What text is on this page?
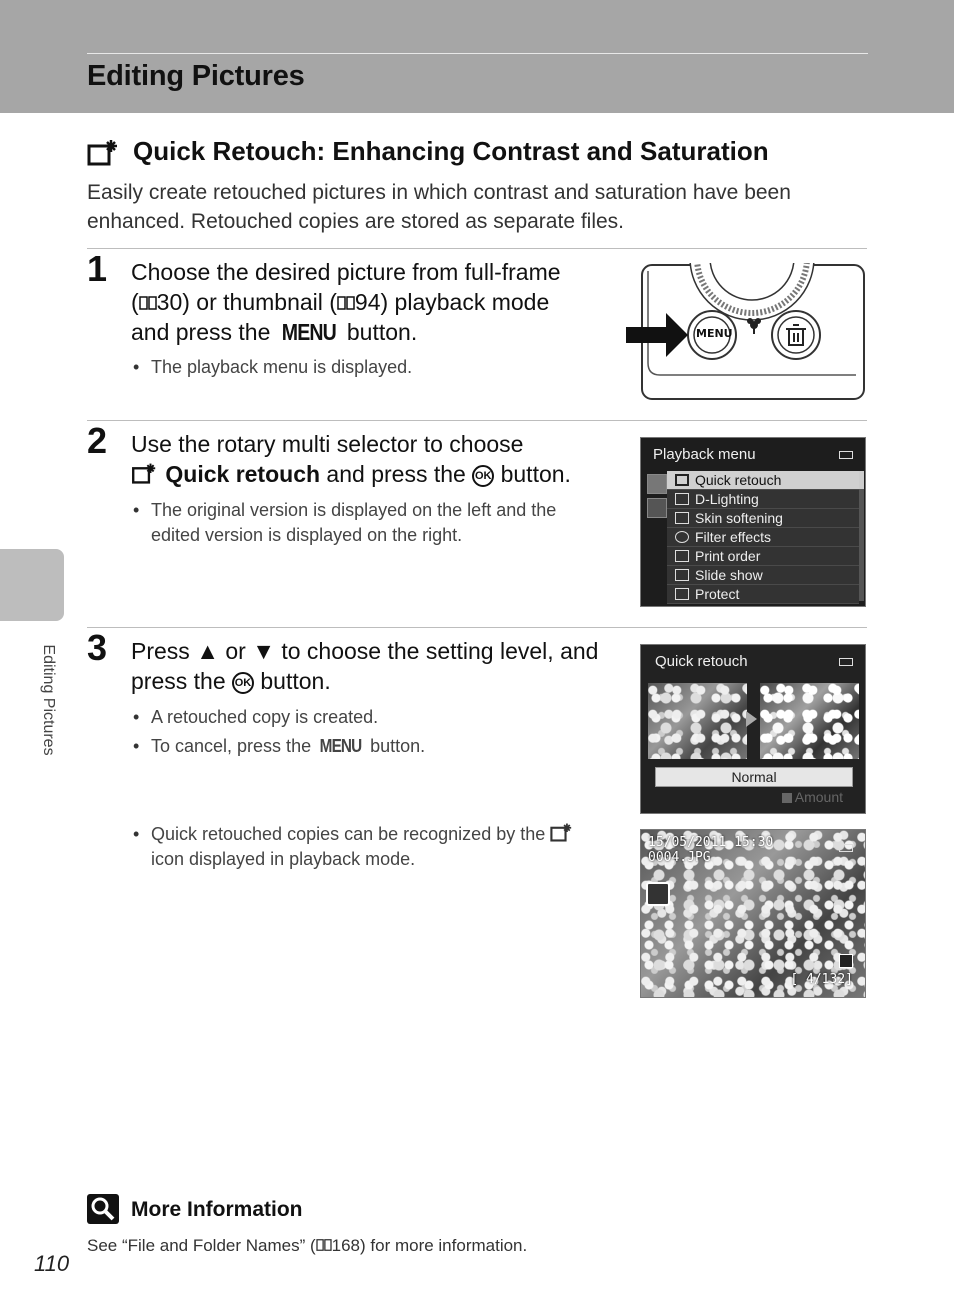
Editing Pictures
Quick Retouch: Enhancing Contrast and Saturation
Easily create retouched pictures in which contrast and saturation have been enhanced. Retouched copies are stored as separate files.
1 Choose the desired picture from full-frame
( 30) or thumbnail ( 94) playback mode
and press the MENU button.
• The playback menu is displayed.
MENU
2 Use the rotary multi selector to choose
Quick retouch and press the OK button.
• The original version is displayed on the left and the edited version is displayed on the right.
Playback menu
Quick retouch
D-Lighting
Skin softening
Filter effects
Print order
Slide show
Protect
3 Press ▲ or ▼ to choose the setting level, and
press the OK button.
• A retouched copy is created.
• To cancel, press the MENU button.
• Quick retouched copies can be recognized by the  icon displayed in playback mode.
Quick retouch
Normal
Amount
15/05/2011 15:30
0004.JPG
[ 4/132]
Editing Pictures
More Information
See “File and Folder Names” ( 168) for more information.
110
